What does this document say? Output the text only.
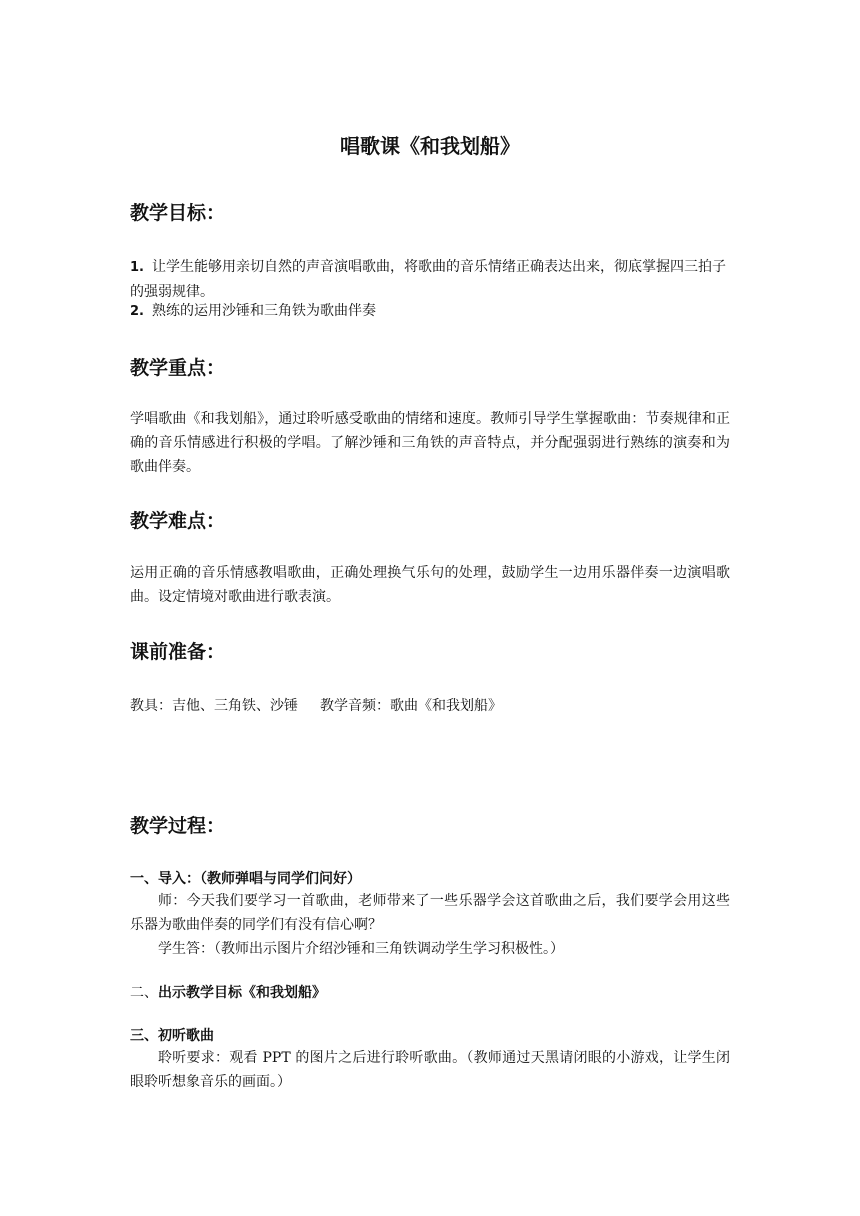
唱歌课《和我划船》
教学目标：
1. 让学生能够用亲切自然的声音演唱歌曲，将歌曲的音乐情绪正确表达出来，彻底掌握四三拍子的强弱规律。
2. 熟练的运用沙锤和三角铁为歌曲伴奏
教学重点：

学唱歌曲《和我划船》，通过聆听感受歌曲的情绪和速度。教师引导学生掌握歌曲：节奏规律和正确的音乐情感进行积极的学唱。了解沙锤和三角铁的声音特点，并分配强弱进行熟练的演奏和为歌曲伴奏。

教学难点：

运用正确的音乐情感教唱歌曲，正确处理换气乐句的处理，鼓励学生一边用乐器伴奏一边演唱歌曲。设定情境对歌曲进行歌表演。

课前准备：
教具：吉他、三角铁、沙锤 教学音频：歌曲《和我划船》
教学过程：
一、导入：（教师弹唱与同学们问好）

师：今天我们要学习一首歌曲，老师带来了一些乐器学会这首歌曲之后，我们要学会用这些乐器为歌曲伴奏的同学们有没有信心啊？

学生答：（教师出示图片介绍沙锤和三角铁调动学生学习积极性。）

二、出示教学目标《和我划船》
三、初听歌曲

聆听要求：观看 PPT 的图片之后进行聆听歌曲。（教师通过天黑请闭眼的小游戏，让学生闭眼聆听想象音乐的画面。）
